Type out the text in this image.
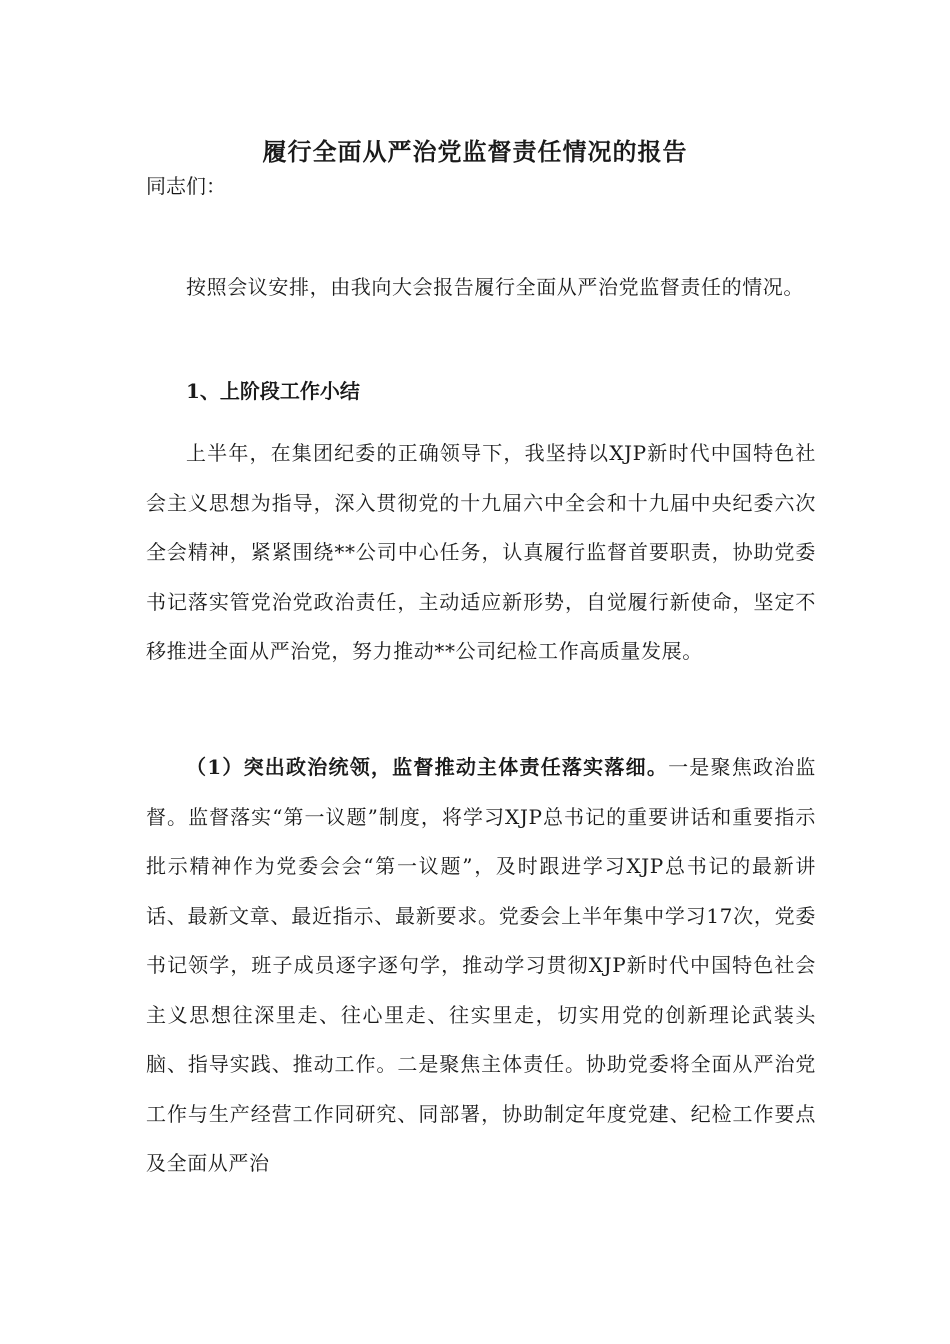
履行全面从严治党监督责任情况的报告

同志们：

按照会议安排，由我向大会报告履行全面从严治党监督责任的情况。

1、上阶段工作小结

上半年，在集团纪委的正确领导下，我坚持以XJP新时代中国特色社会主义思想为指导，深入贯彻党的十九届六中全会和十九届中央纪委六次全会精神，紧紧围绕**公司中心任务，认真履行监督首要职责，协助党委书记落实管党治党政治责任，主动适应新形势，自觉履行新使命，坚定不移推进全面从严治党，努力推动**公司纪检工作高质量发展。

（1）突出政治统领，监督推动主体责任落实落细。一是聚焦政治监督。监督落实“第一议题”制度，将学习XJP总书记的重要讲话和重要指示批示精神作为党委会会“第一议题”，及时跟进学习XJP总书记的最新讲话、最新文章、最近指示、最新要求。党委会上半年集中学习17次，党委书记领学，班子成员逐字逐句学，推动学习贯彻XJP新时代中国特色社会主义思想往深里走、往心里走、往实里走，切实用党的创新理论武装头脑、指导实践、推动工作。二是聚焦主体责任。协助党委将全面从严治党工作与生产经营工作同研究、同部署，协助制定年度党建、纪检工作要点及全面从严治
